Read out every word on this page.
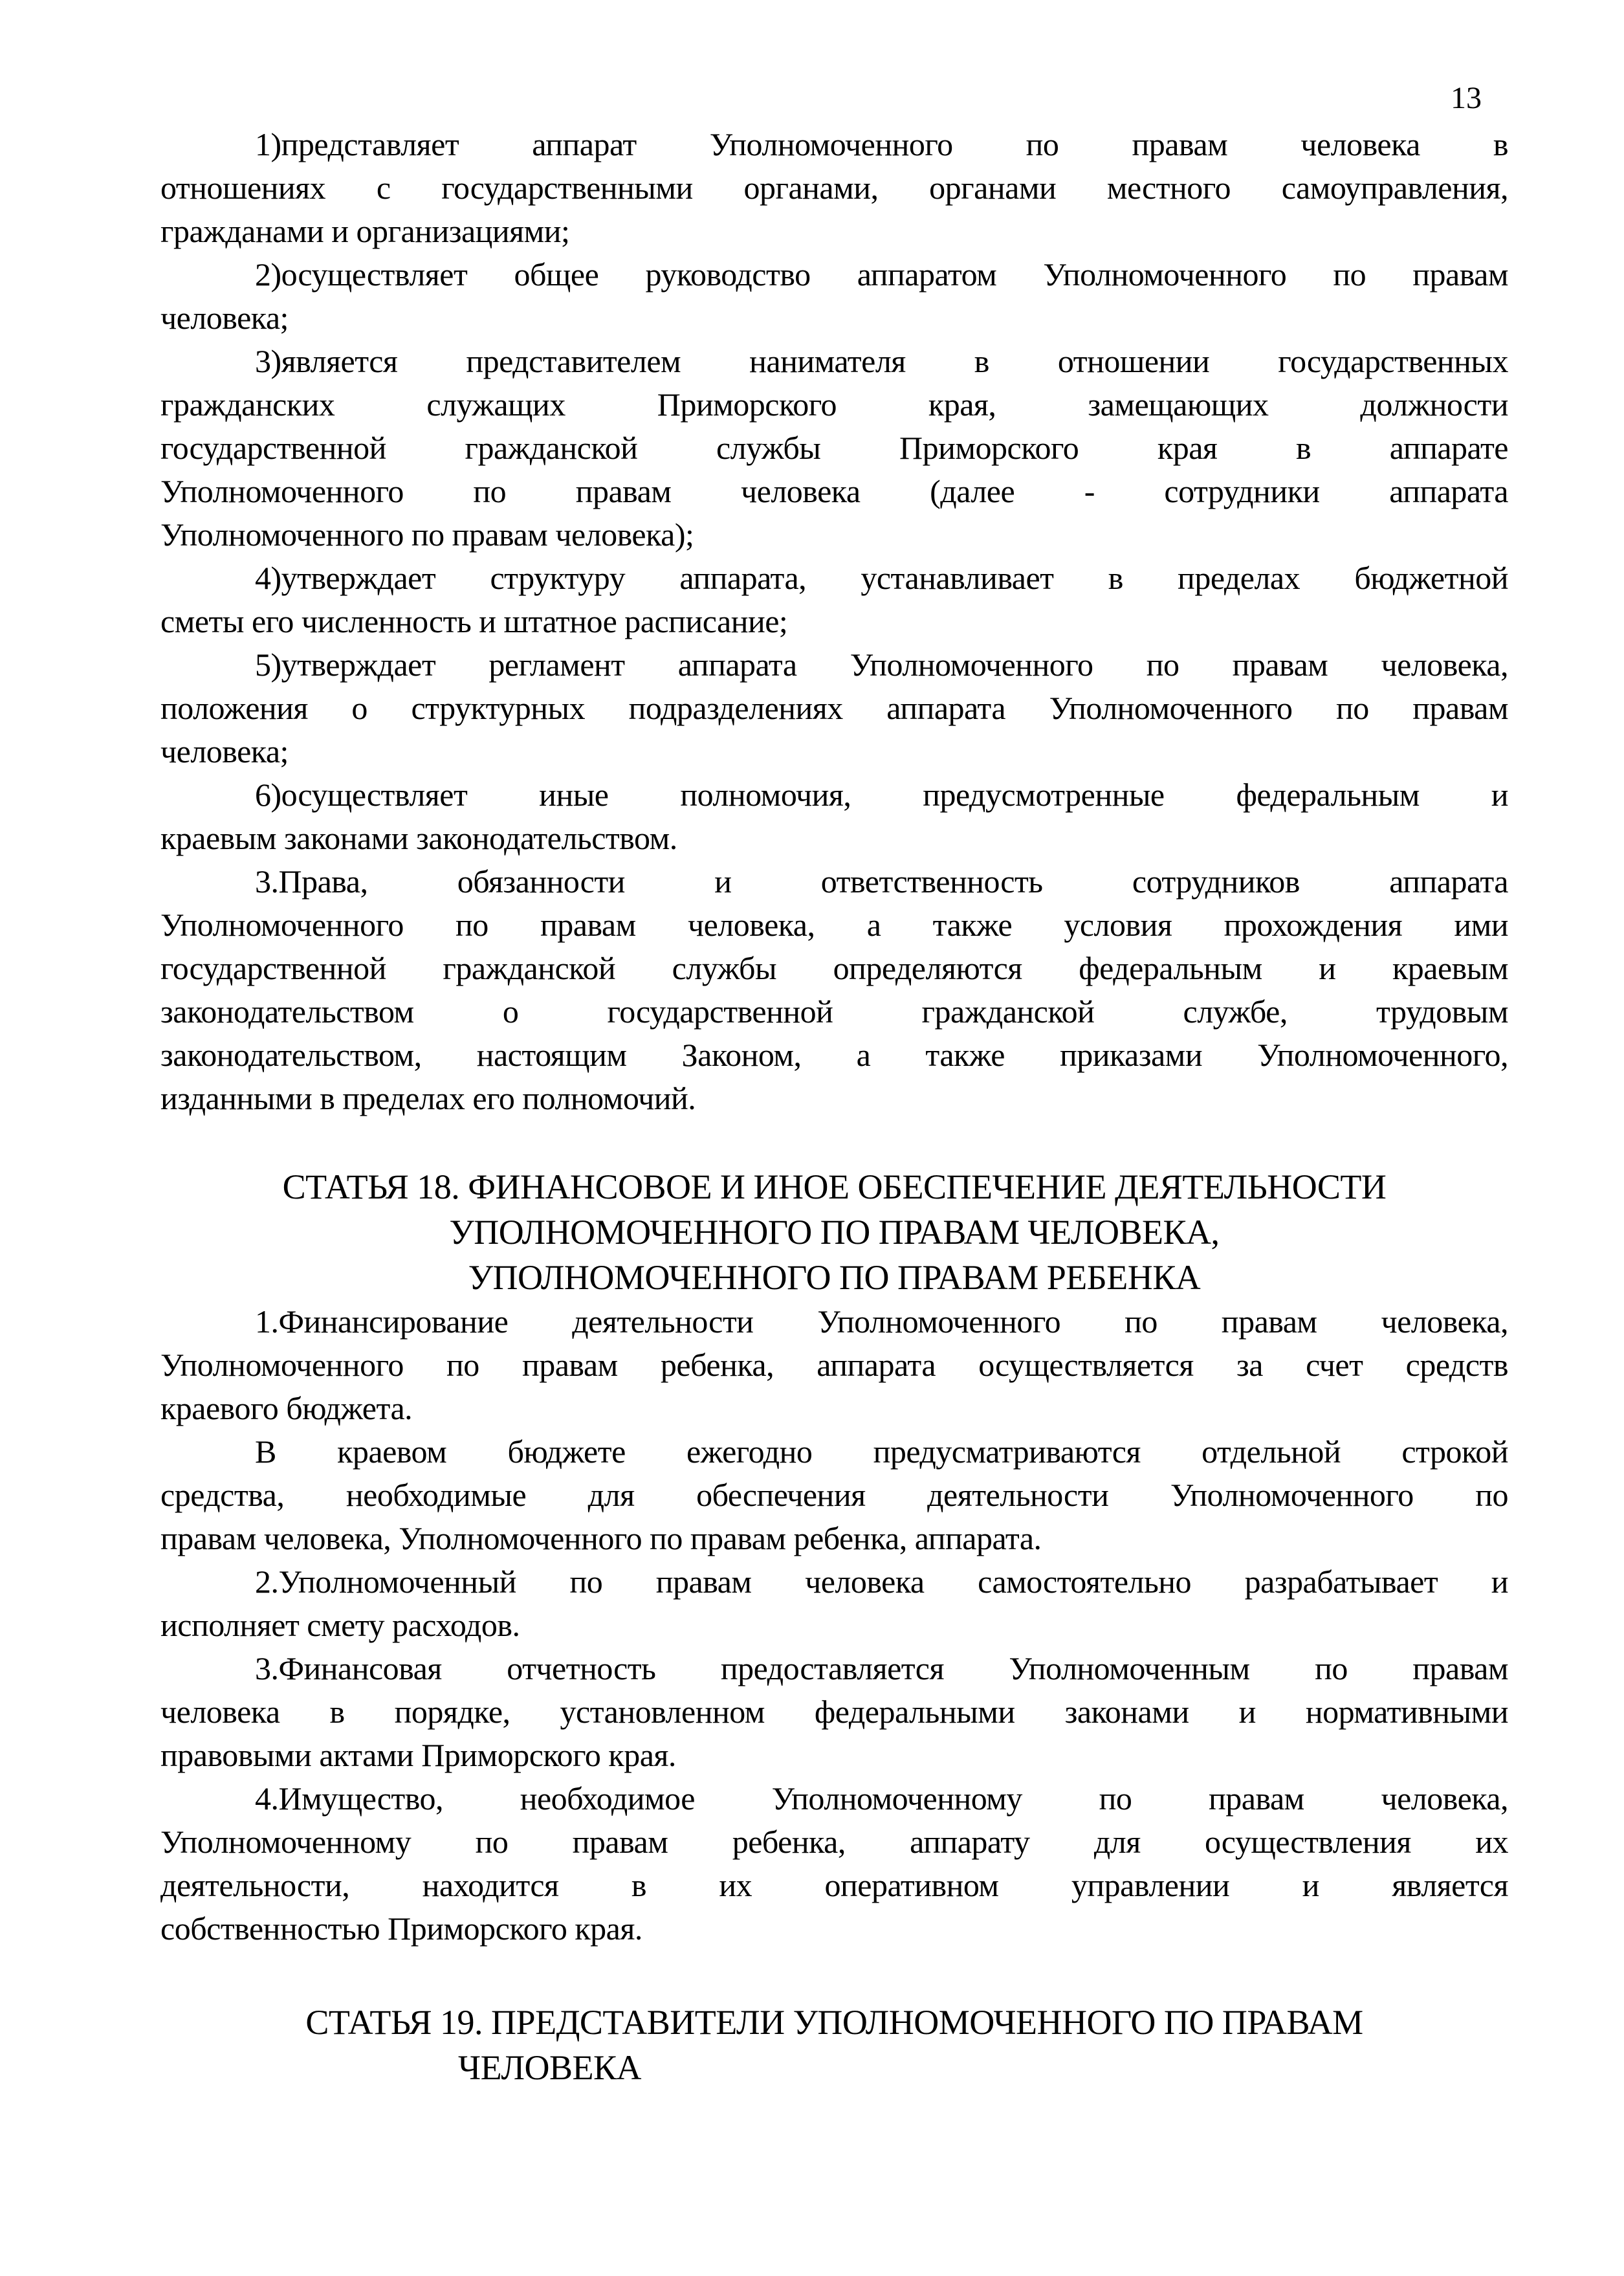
13
1)представляет аппарат Уполномоченного по правам человека в
отношениях с государственными органами, органами местного самоуправления,
гражданами и организациями;
2)осуществляет общее руководство аппаратом Уполномоченного по правам
человека;
3)является представителем нанимателя в отношении государственных
гражданских служащих Приморского края, замещающих должности
государственной гражданской службы Приморского края в аппарате
Уполномоченного по правам человека (далее - сотрудники аппарата
Уполномоченного по правам человека);
4)утверждает структуру аппарата, устанавливает в пределах бюджетной
сметы его численность и штатное расписание;
5)утверждает регламент аппарата Уполномоченного по правам человека,
положения о структурных подразделениях аппарата Уполномоченного по правам
человека;
6)осуществляет иные полномочия, предусмотренные федеральным и
краевым законами законодательством.
3.Права, обязанности и ответственность сотрудников аппарата
Уполномоченного по правам человека, а также условия прохождения ими
государственной гражданской службы определяются федеральным и краевым
законодательством о государственной гражданской службе, трудовым
законодательством, настоящим Законом, а также приказами Уполномоченного,
изданными в пределах его полномочий.
СТАТЬЯ 18. ФИНАНСОВОЕ И ИНОЕ ОБЕСПЕЧЕНИЕ ДЕЯТЕЛЬНОСТИ
УПОЛНОМОЧЕННОГО ПО ПРАВАМ ЧЕЛОВЕКА,
УПОЛНОМОЧЕННОГО ПО ПРАВАМ РЕБЕНКА
1.Финансирование деятельности Уполномоченного по правам человека,
Уполномоченного по правам ребенка, аппарата осуществляется за счет средств
краевого бюджета.
В краевом бюджете ежегодно предусматриваются отдельной строкой
средства, необходимые для обеспечения деятельности Уполномоченного по
правам человека, Уполномоченного по правам ребенка, аппарата.
2.Уполномоченный по правам человека самостоятельно разрабатывает и
исполняет смету расходов.
3.Финансовая отчетность предоставляется Уполномоченным по правам
человека в порядке, установленном федеральными законами и нормативными
правовыми актами Приморского края.
4.Имущество, необходимое Уполномоченному по правам человека,
Уполномоченному по правам ребенка, аппарату для осуществления их
деятельности, находится в их оперативном управлении и является
собственностью Приморского края.
СТАТЬЯ 19. ПРЕДСТАВИТЕЛИ УПОЛНОМОЧЕННОГО ПО ПРАВАМ
ЧЕЛОВЕКА
